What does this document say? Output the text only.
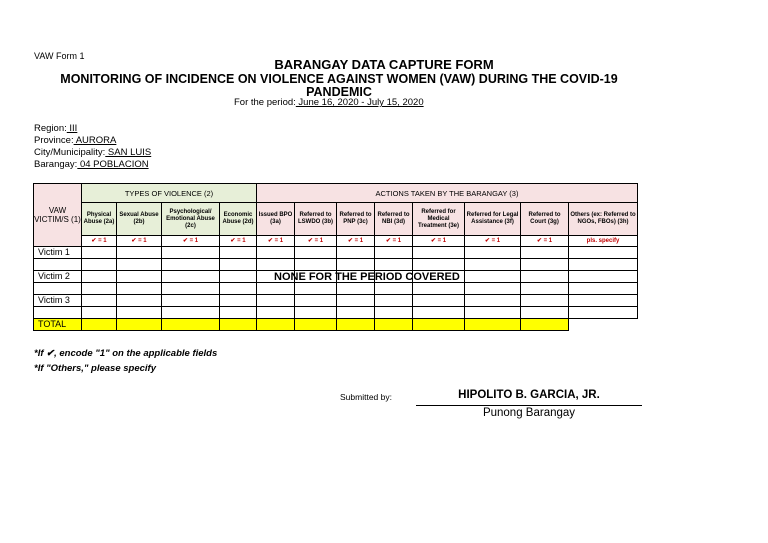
VAW Form 1
BARANGAY DATA CAPTURE FORM
MONITORING OF INCIDENCE ON VIOLENCE AGAINST WOMEN (VAW) DURING THE COVID-19 PANDEMIC
For the period: June 16, 2020 - July 15, 2020
Region: III
Province: AURORA
City/Municipality: SAN LUIS
Barangay: 04 POBLACION
VAW VICTIM/S (1)	TYPES OF VIOLENCE (2)				ACTIONS TAKEN BY THE BARANGAY (3)							
	Physical Abuse (2a)	Sexual Abuse (2b)	Psychological/ Emotional Abuse (2c)	Economic Abuse (2d)	Issued BPO (3a)	Referred to LSWDO (3b)	Referred to PNP (3c)	Referred to NBI (3d)	Referred for Medical Treatment (3e)	Referred for Legal Assistance (3f)	Referred to Court (3g)	Others (ex: Referred to NGOs, FBOs) (3h)
	✔ = 1	✔ = 1	✔ = 1	✔ = 1	✔ = 1	✔ = 1	✔ = 1	✔ = 1	✔ = 1	✔ = 1	✔ = 1	pls. specify
Victim 1												

Victim 2												

Victim 3												

TOTAL												
NONE FOR THE PERIOD COVERED
*If ✔, encode "1" on the applicable fields
*If "Others," please specify
Submitted by:	HIPOLITO B. GARCIA, JR.
Punong Barangay
